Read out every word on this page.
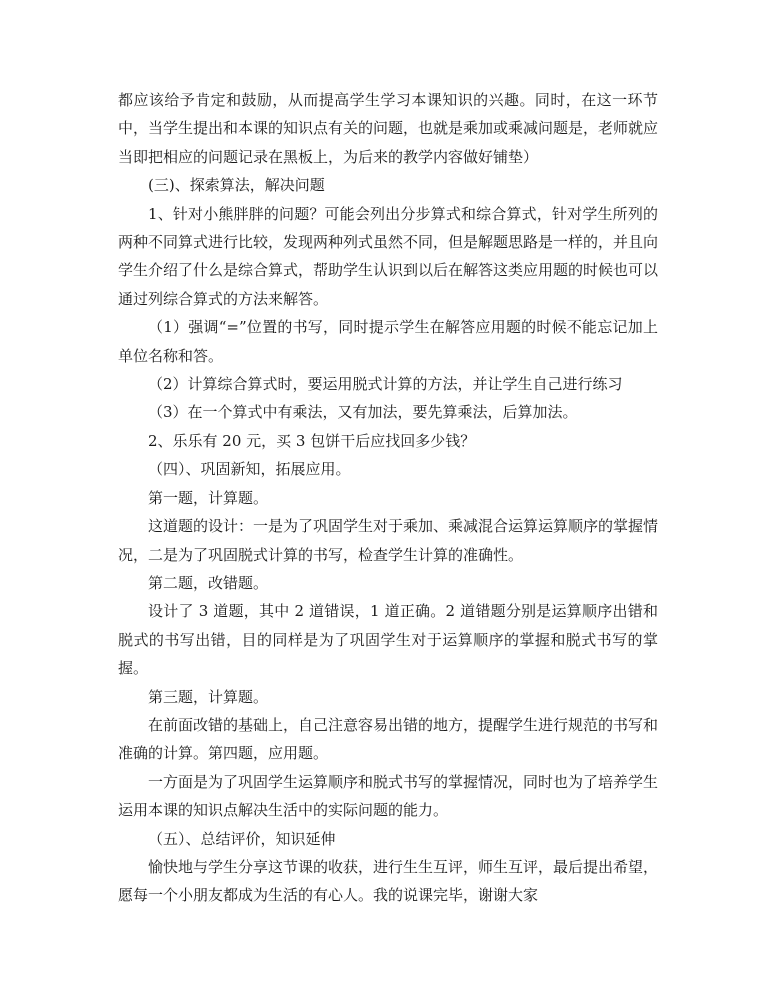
都应该给予肯定和鼓励，从而提高学生学习本课知识的兴趣。同时，在这一环节中，当学生提出和本课的知识点有关的问题，也就是乘加或乘减问题是，老师就应当即把相应的问题记录在黑板上，为后来的教学内容做好铺垫）

(三)、探索算法，解决问题

1、针对小熊胖胖的问题？可能会列出分步算式和综合算式，针对学生所列的两种不同算式进行比较，发现两种列式虽然不同，但是解题思路是一样的，并且向学生介绍了什么是综合算式，帮助学生认识到以后在解答这类应用题的时候也可以通过列综合算式的方法来解答。

（1）强调“=”位置的书写，同时提示学生在解答应用题的时候不能忘记加上单位名称和答。

（2）计算综合算式时，要运用脱式计算的方法，并让学生自己进行练习

（3）在一个算式中有乘法，又有加法，要先算乘法，后算加法。

2、乐乐有 20 元，买 3 包饼干后应找回多少钱？

（四）、巩固新知，拓展应用。

第一题，计算题。

这道题的设计：一是为了巩固学生对于乘加、乘减混合运算运算顺序的掌握情况，二是为了巩固脱式计算的书写，检查学生计算的准确性。

第二题，改错题。

设计了 3 道题，其中 2 道错误，1 道正确。2 道错题分别是运算顺序出错和脱式的书写出错，目的同样是为了巩固学生对于运算顺序的掌握和脱式书写的掌握。

第三题，计算题。

在前面改错的基础上，自己注意容易出错的地方，提醒学生进行规范的书写和准确的计算。第四题，应用题。

一方面是为了巩固学生运算顺序和脱式书写的掌握情况，同时也为了培养学生运用本课的知识点解决生活中的实际问题的能力。

（五）、总结评价，知识延伸

愉快地与学生分享这节课的收获，进行生生互评，师生互评，最后提出希望，愿每一个小朋友都成为生活的有心人。我的说课完毕，谢谢大家
